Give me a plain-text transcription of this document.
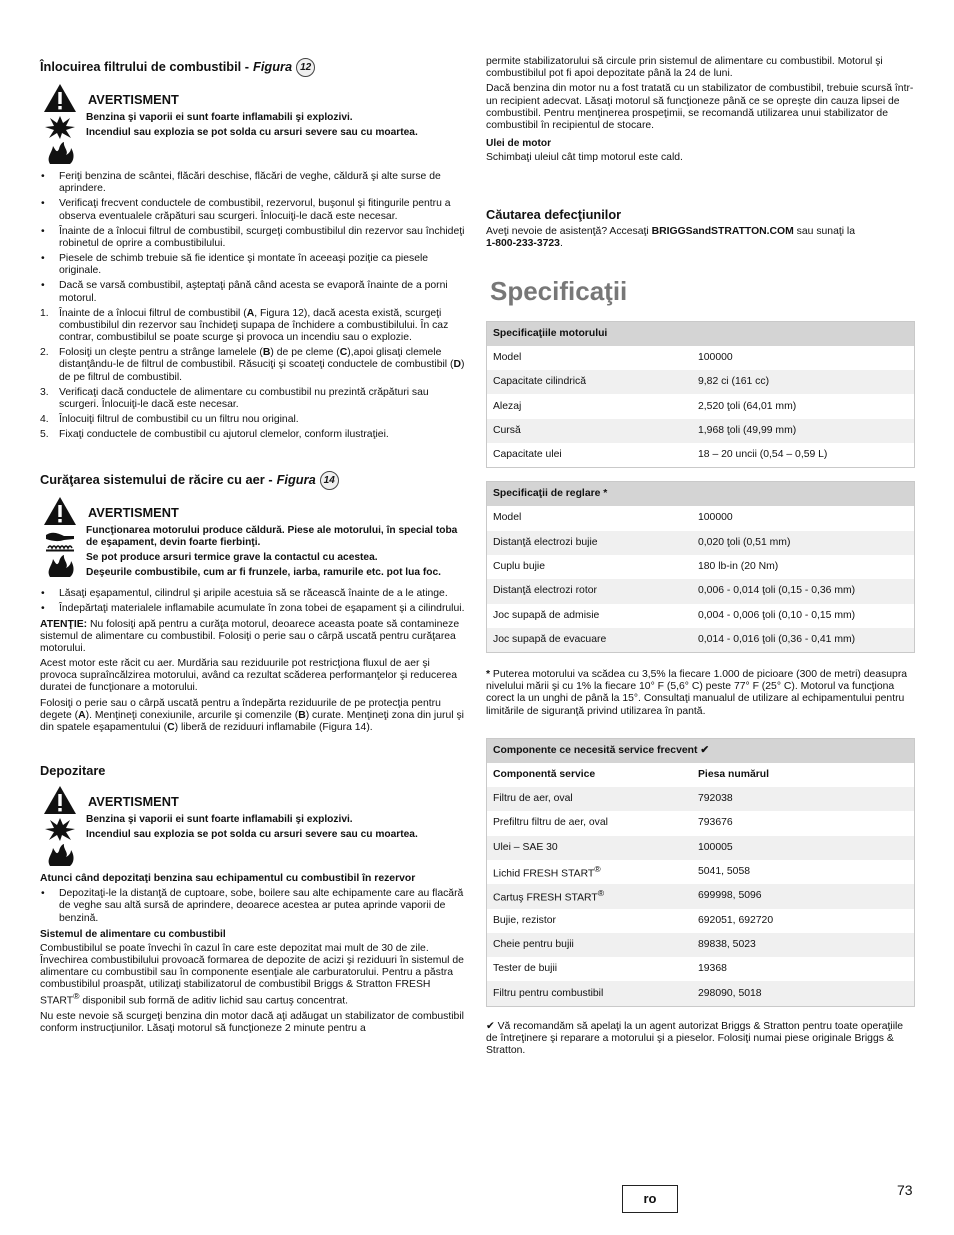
Înlocuirea filtrului de combustibil - Figura 12
AVERTISMENT

Benzina şi vaporii ei sunt foarte inflamabili şi explozivi.

Incendiul sau explozia se pot solda cu arsuri severe sau cu moartea.

• Feriţi benzina de scântei, flăcări deschise, flăcări de veghe, căldură şi alte surse de aprindere.
• Verificaţi frecvent conductele de combustibil, rezervorul, buşonul şi fitingurile pentru a observa eventualele crăpături sau scurgeri. Înlocuiţi-le dacă este necesar.
• Înainte de a înlocui filtrul de combustibil, scurgeţi combustibilul din rezervor sau închideţi robinetul de oprire a combustibilului.
• Piesele de schimb trebuie să fie identice şi montate în aceeaşi poziţie ca piesele originale.
• Dacă se varsă combustibil, aşteptaţi până când acesta se evaporă înainte de a porni motorul.
1. Înainte de a înlocui filtrul de combustibil (A, Figura 12), dacă acesta există, scurgeţi combustibilul din rezervor sau închideţi supapa de închidere a combustibilului. În caz contrar, combustibilul se poate scurge şi provoca un incendiu sau o explozie.
2. Folosiţi un cleşte pentru a strânge lamelele (B) de pe cleme (C),apoi glisaţi clemele distanţându-le de filtrul de combustibil. Răsuciţi şi scoateţi conductele de combustibil (D) de pe filtrul de combustibil.
3. Verificaţi dacă conductele de alimentare cu combustibil nu prezintă crăpături sau scurgeri. Înlocuiţi-le dacă este necesar.
4. Înlocuiţi filtrul de combustibil cu un filtru nou original.
5. Fixaţi conductele de combustibil cu ajutorul clemelor, conform ilustraţiei.
Curăţarea sistemului de răcire cu aer - Figura 14
AVERTISMENT

Funcţionarea motorului produce căldură. Piese ale motorului, în special toba de eşapament, devin foarte fierbinţi.

Se pot produce arsuri termice grave la contactul cu acestea.

Deşeurile combustibile, cum ar fi frunzele, iarba, ramurile etc. pot lua foc.

• Lăsaţi eşapamentul, cilindrul şi aripile acestuia să se răcească înainte de a le atinge.
• Îndepărtaţi materialele inflamabile acumulate în zona tobei de eşapament şi a cilindrului.

ATENŢIE: Nu folosiţi apă pentru a curăţa motorul, deoarece aceasta poate să contamineze sistemul de alimentare cu combustibil. Folosiţi o perie sau o cârpă uscată pentru curăţarea motorului.

Acest motor este răcit cu aer. Murdăria sau reziduurile pot restricţiona fluxul de aer şi provoca supraîncălzirea motorului, având ca rezultat scăderea performanţelor şi reducerea duratei de funcţionare a motorului.

Folosiţi o perie sau o cârpă uscată pentru a îndepărta reziduurile de pe protecţia pentru degete (A). Menţineţi conexiunile, arcurile şi comenzile (B) curate. Menţineţi zona din jurul şi din spatele eşapamentului (C) liberă de reziduuri inflamabile (Figura 14).

Depozitare
AVERTISMENT

Benzina şi vaporii ei sunt foarte inflamabili şi explozivi.

Incendiul sau explozia se pot solda cu arsuri severe sau cu moartea.

Atunci când depozitaţi benzina sau echipamentul cu combustibil în rezervor

• Depozitaţi-le la distanţă de cuptoare, sobe, boilere sau alte echipamente care au flacără de veghe sau altă sursă de aprindere, deoarece acestea ar putea aprinde vaporii de benzină.
Sistemul de alimentare cu combustibil

Combustibilul se poate învechi în cazul în care este depozitat mai mult de 30 de zile. Învechirea combustibilului provoacă formarea de depozite de acizi şi reziduuri în sistemul de alimentare cu combustibil sau în componente esenţiale ale carburatorului. Pentru a păstra combustibilul proaspăt, utilizaţi stabilizatorul de combustibil Briggs & Stratton FRESH START® disponibil sub formă de aditiv lichid sau cartuş concentrat.

Nu este nevoie să scurgeţi benzina din motor dacă aţi adăugat un stabilizator de combustibil conform instrucţiunilor. Lăsaţi motorul să funcţioneze 2 minute pentru a

permite stabilizatorului să circule prin sistemul de alimentare cu combustibil. Motorul şi combustibilul pot fi apoi depozitate până la 24 de luni.

Dacă benzina din motor nu a fost tratată cu un stabilizator de combustibil, trebuie scursă într-un recipient adecvat. Lăsaţi motorul să funcţioneze până ce se opreşte din cauza lipsei de combustibil. Pentru menţinerea prospeţimii, se recomandă utilizarea unui stabilizator de combustibil în recipientul de stocare.

Ulei de motor

Schimbaţi uleiul cât timp motorul este cald.

Căutarea defecţiunilor

Aveţi nevoie de asistenţă? Accesaţi BRIGGSandSTRATTON.COM sau sunaţi la
1-800-233-3723.

Specificaţii
Specificaţiile motorului	
Model	100000
Capacitate cilindrică	9,82 ci (161 cc)
Alezaj	2,520 ţoli (64,01 mm)
Cursă	1,968 ţoli (49,99 mm)
Capacitate ulei	18 – 20 uncii (0,54 – 0,59 L)
Specificaţii de reglare *	
Model	100000
Distanţă electrozi bujie	0,020 ţoli (0,51 mm)
Cuplu bujie	180 lb-in (20 Nm)
Distanţă electrozi rotor	0,006 - 0,014 ţoli (0,15 - 0,36 mm)
Joc supapă de admisie	0,004 - 0,006 ţoli (0,10 - 0,15 mm)
Joc supapă de evacuare	0,014 - 0,016 ţoli (0,36 - 0,41 mm)

* Puterea motorului va scădea cu 3,5% la fiecare 1.000 de picioare (300 de metri) deasupra nivelului mării şi cu 1% la fiecare 10° F (5,6° C) peste 77° F (25° C). Motorul va funcţiona corect la un unghi de până la 15°. Consultaţi manualul de utilizare al echipamentului pentru limitările de siguranţă privind utilizarea în pantă.

Componente ce necesită service frecvent ✔	
Componentă service	Piesa numărul
Filtru de aer, oval	792038
Prefiltru filtru de aer, oval	793676
Ulei – SAE 30	100005
Lichid FRESH START®	5041, 5058
Cartuş FRESH START®	699998, 5096
Bujie, rezistor	692051, 692720
Cheie pentru bujii	89838, 5023
Tester de bujii	19368
Filtru pentru combustibil	298090, 5018

✔ Vă recomandăm să apelaţi la un agent autorizat Briggs & Stratton pentru toate operaţiile de întreţinere şi reparare a motorului şi a pieselor. Folosiţi numai piese originale Briggs & Stratton.

ro
73
